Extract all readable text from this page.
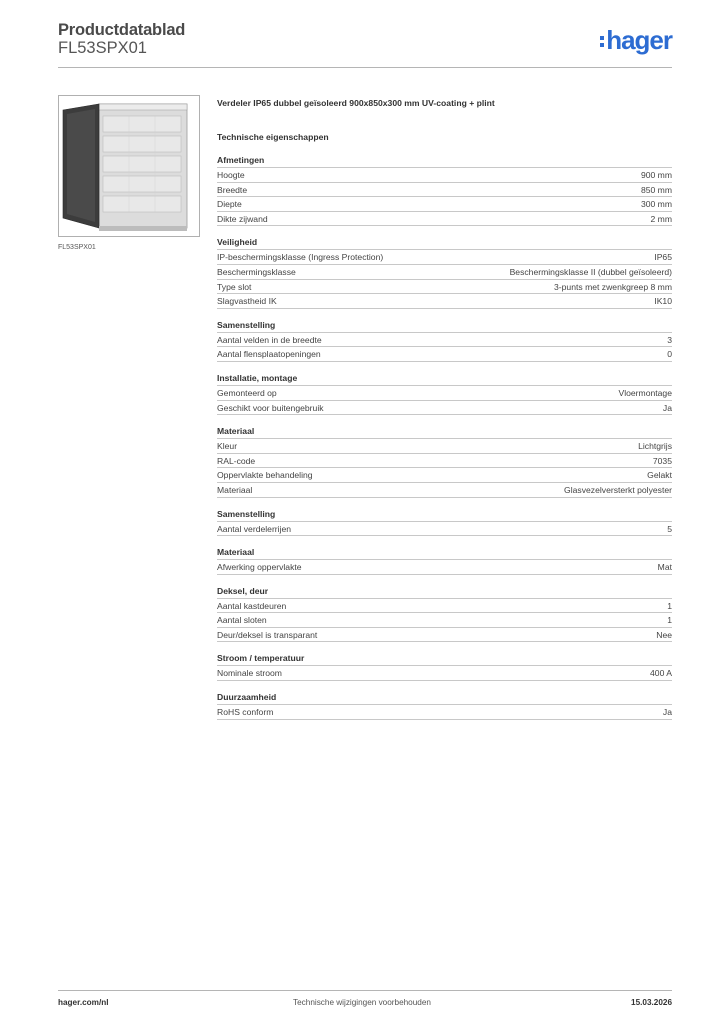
Productdatablad
FL53SPX01	hager
FL53SPX01
Verdeler IP65 dubbel geïsoleerd 900x850x300 mm UV-coating + plint
Technische eigenschappen
Afmetingen
Hoogte	900 mm
Breedte	850 mm
Diepte	300 mm
Dikte zijwand	2 mm
Veiligheid
IP-beschermingsklasse (Ingress Protection)	IP65
Beschermingsklasse	Beschermingsklasse II (dubbel geïsoleerd)
Type slot	3-punts met zwenkgreep 8 mm
Slagvastheid IK	IK10
Samenstelling
Aantal velden in de breedte	3
Aantal flensplaatopeningen	0
Installatie, montage
Gemonteerd op	Vloermontage
Geschikt voor buitengebruik	Ja
Materiaal
Kleur	Lichtgrijs
RAL-code	7035
Oppervlakte behandeling	Gelakt
Materiaal	Glasvezelversterkt polyester
Samenstelling
Aantal verdelerrijen	5
Materiaal
Afwerking oppervlakte	Mat
Deksel, deur
Aantal kastdeuren	1
Aantal sloten	1
Deur/deksel is transparant	Nee
Stroom / temperatuur
Nominale stroom	400 A
Duurzaamheid
RoHS conform	Ja
hager.com/nl	Technische wijzigingen voorbehouden	15.03.2026
